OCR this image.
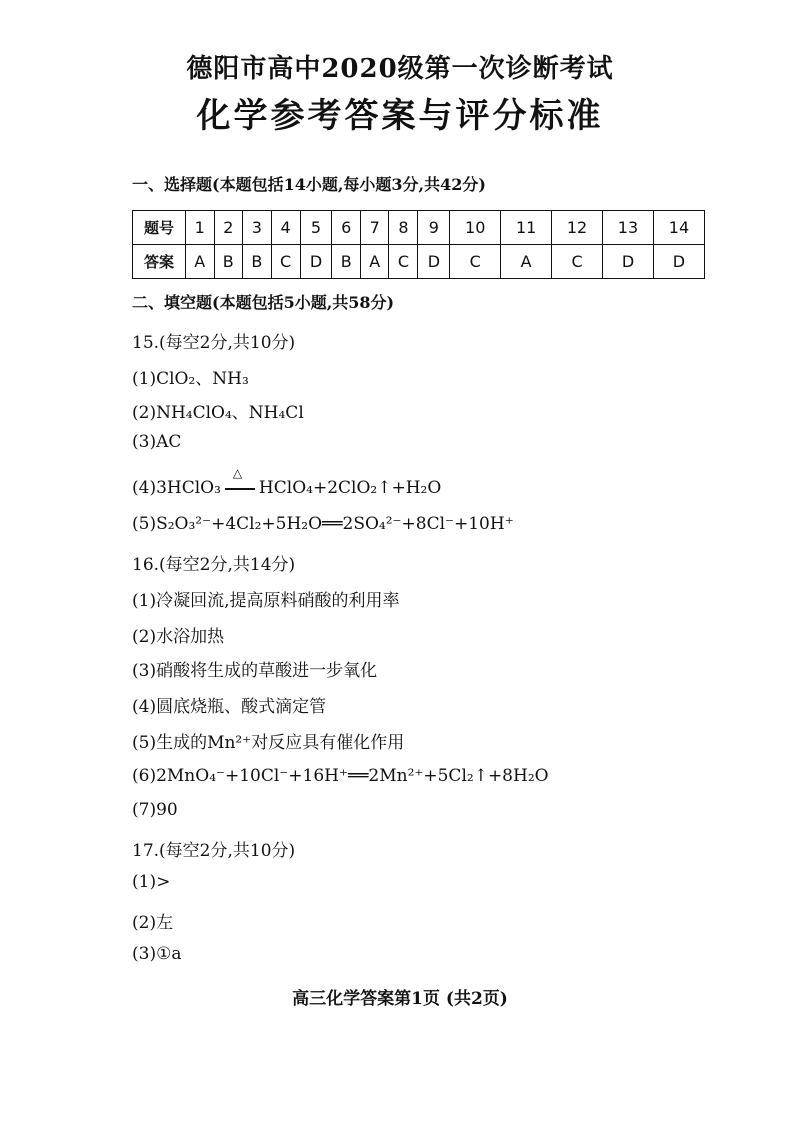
德阳市高中2020级第一次诊断考试
化学参考答案与评分标准
一、选择题(本题包括14小题,每小题3分,共42分)
题号	1	2	3	4	5	6	7	8	9	10	11	12	13	14
答案	A	B	B	C	D	B	A	C	D	C	A	C	D	D
二、填空题(本题包括5小题,共58分)
15.(每空2分,共10分)
(1)ClO₂、NH₃
(2)NH₄ClO₄、NH₄Cl
(3)AC
(4)3HClO₃
△
HClO₄+2ClO₂↑+H₂O
(5)S₂O₃²⁻+4Cl₂+5H₂O══2SO₄²⁻+8Cl⁻+10H⁺
16.(每空2分,共14分)
(1)冷凝回流,提高原料硝酸的利用率
(2)水浴加热
(3)硝酸将生成的草酸进一步氧化
(4)圆底烧瓶、酸式滴定管
(5)生成的Mn²⁺对反应具有催化作用
(6)2MnO₄⁻+10Cl⁻+16H⁺══2Mn²⁺+5Cl₂↑+8H₂O
(7)90
17.(每空2分,共10分)
(1)>
(2)左
(3)①a
高三化学答案第1页 (共2页)
